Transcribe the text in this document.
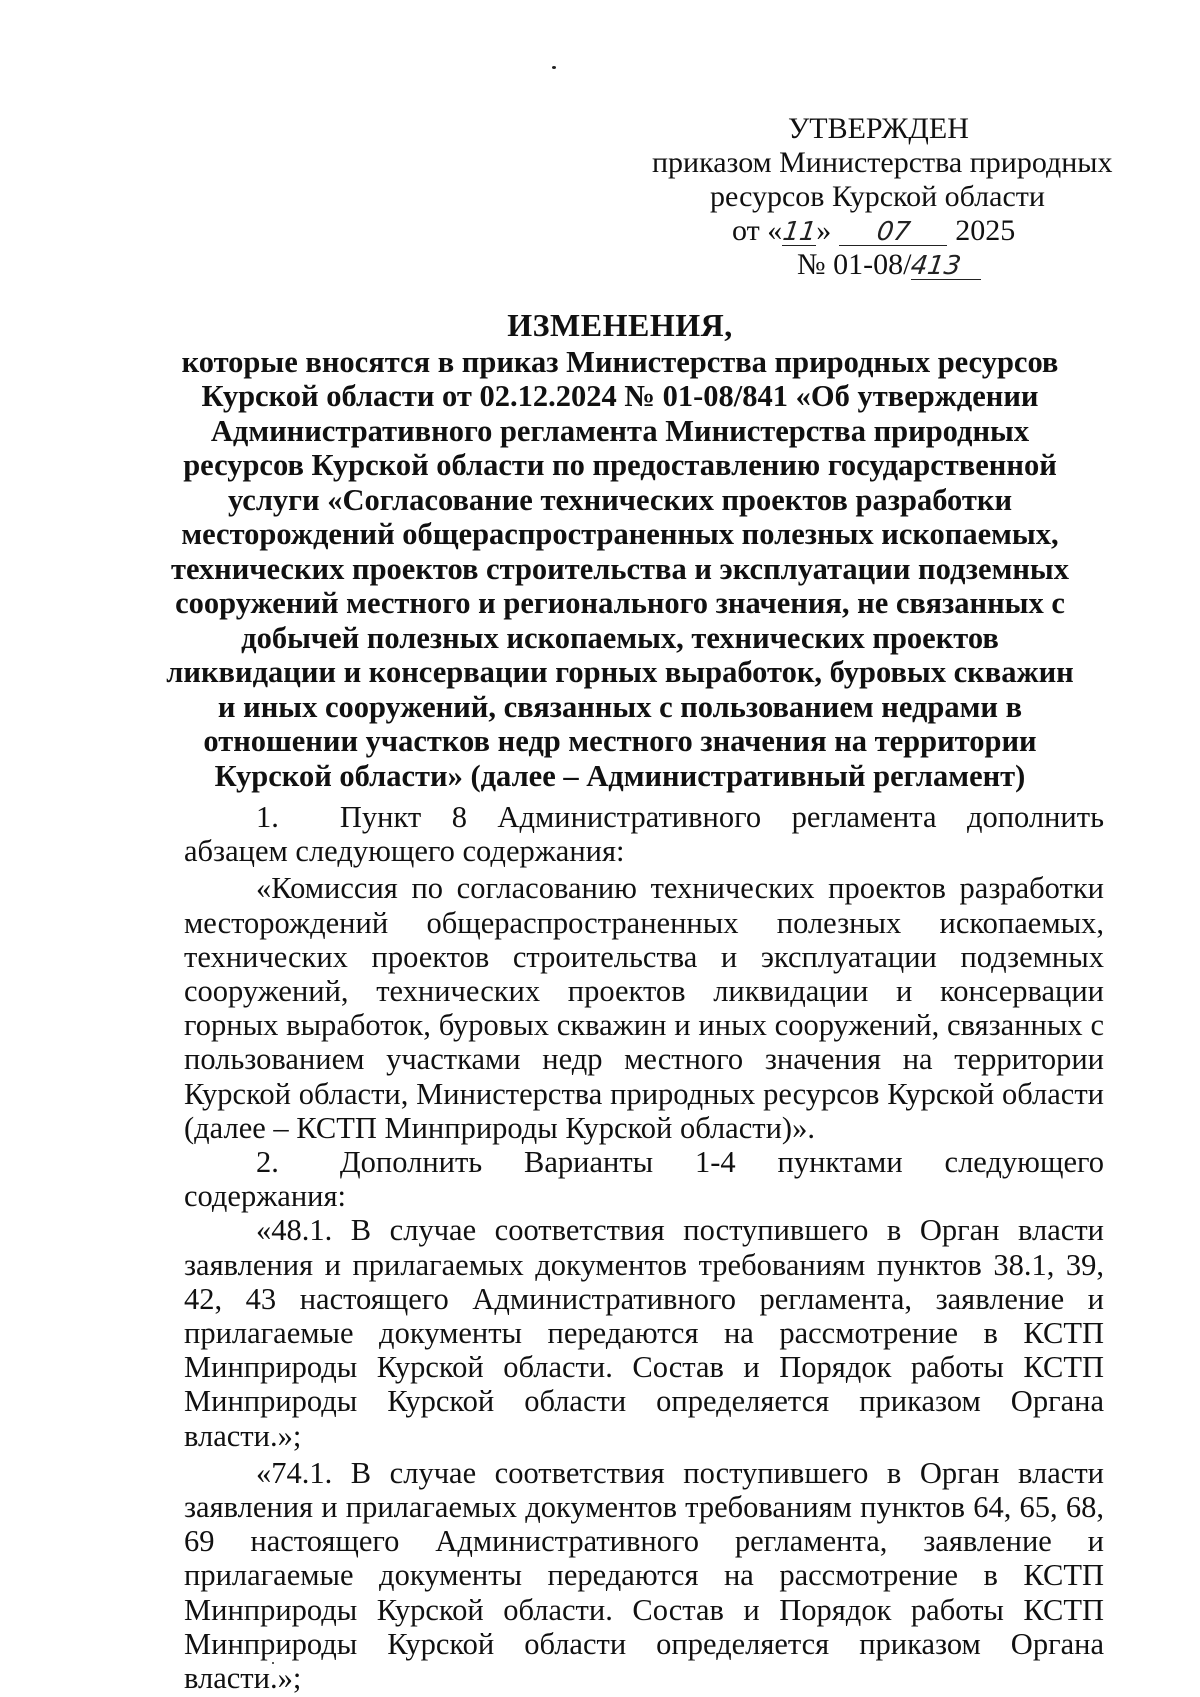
УТВЕРЖДЕН
приказом Министерства природных
ресурсов Курской области
от «11» 07 2025
№ 01-08/413
ИЗМЕНЕНИЯ,
которые вносятся в приказ Министерства природных ресурсов Курской области от 02.12.2024 № 01-08/841 «Об утверждении Административного регламента Министерства природных ресурсов Курской области по предоставлению государственной услуги «Согласование технических проектов разработки месторождений общераспространенных полезных ископаемых, технических проектов строительства и эксплуатации подземных сооружений местного и регионального значения, не связанных с добычей полезных ископаемых, технических проектов ликвидации и консервации горных выработок, буровых скважин и иных сооружений, связанных с пользованием недрами в отношении участков недр местного значения на территории Курской области» (далее – Административный регламент)

1.  Пункт 8 Административного регламента дополнить абзацем следующего содержания:

«Комиссия по согласованию технических проектов разработки месторождений общераспространенных полезных ископаемых, технических проектов строительства и эксплуатации подземных сооружений, технических проектов ликвидации и консервации горных выработок, буровых скважин и иных сооружений, связанных с пользованием участками недр местного значения на территории Курской области, Министерства природных ресурсов Курской области (далее – КСТП Минприроды Курской области)».

2.  Дополнить Варианты 1-4 пунктами следующего содержания:

«48.1. В случае соответствия поступившего в Орган власти заявления и прилагаемых документов требованиям пунктов 38.1, 39, 42, 43 настоящего Административного регламента, заявление и прилагаемые документы передаются на рассмотрение в КСТП Минприроды Курской области. Состав и Порядок работы КСТП Минприроды Курской области определяется приказом Органа власти.»;

«74.1. В случае соответствия поступившего в Орган власти заявления и прилагаемых документов требованиям пунктов 64, 65, 68, 69 настоящего Административного регламента, заявление и прилагаемые документы передаются на рассмотрение в КСТП Минприроды Курской области. Состав и Порядок работы КСТП Минприроды Курской области определяется приказом Органа власти.»;
